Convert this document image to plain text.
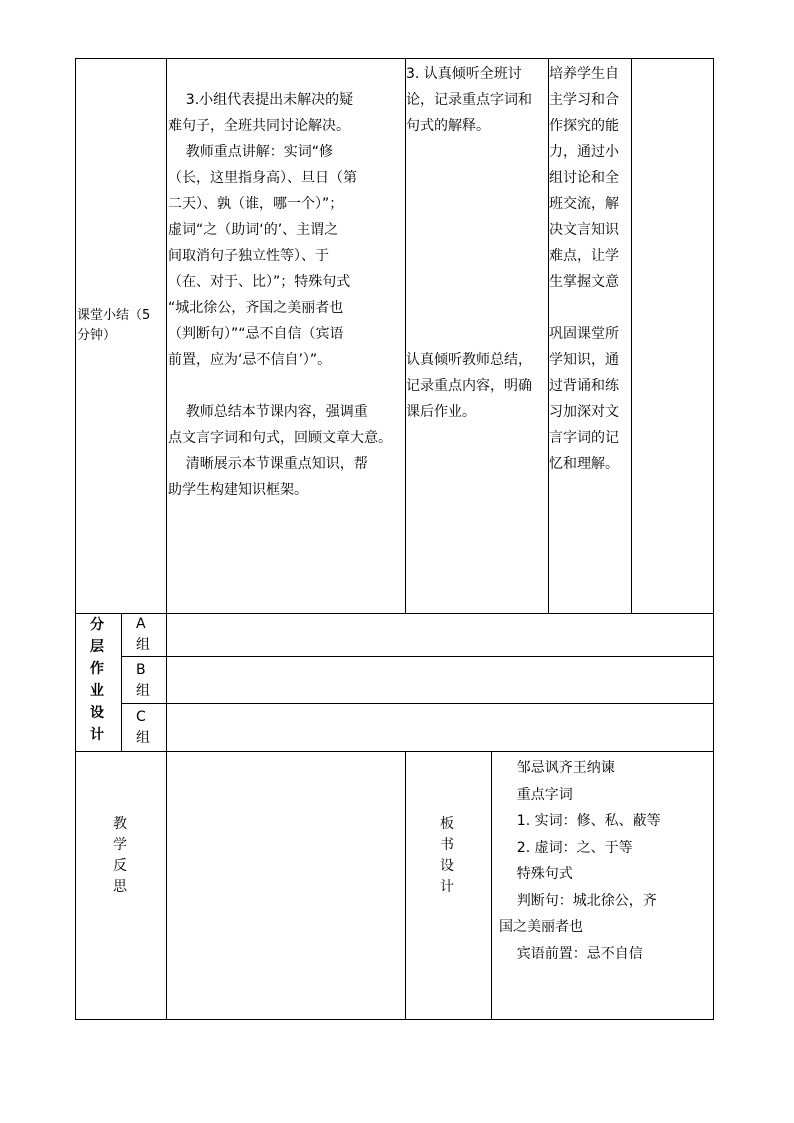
课堂小结（5
分钟）
3.小组代表提出未解决的疑
难句子，全班共同讨论解决。
教师重点讲解：实词“修
（长，这里指身高）、旦日（第
二天）、孰（谁，哪一个）”；
虚词“之（助词‘的’、主谓之
间取消句子独立性等）、于
（在、对于、比）”；特殊句式
“城北徐公，齐国之美丽者也
（判断句）”“忌不自信（宾语
前置，应为‘忌不信自’）”。

教师总结本节课内容，强调重
点文言字词和句式，回顾文章大意。
清晰展示本节课重点知识，帮
助学生构建知识框架。
3. 认真倾听全班讨
论，记录重点字词和
句式的解释。

认真倾听教师总结，
记录重点内容，明确
课后作业。
培养学生自
主学习和合
作探究的能
力，通过小
组讨论和全
班交流，解
决文言知识
难点，让学
生掌握文意

巩固课堂所
学知识，通
过背诵和练
习加深对文
言字词的记
忆和理解。
分
层
作
业
设
计
A
组
B
组
C
组
教
学
反
思
板
书
设
计
邹忌讽齐王纳谏
重点字词
1. 实词：修、私、蔽等
2. 虚词：之、于等
特殊句式
判断句：城北徐公，齐
国之美丽者也
宾语前置：忌不自信
